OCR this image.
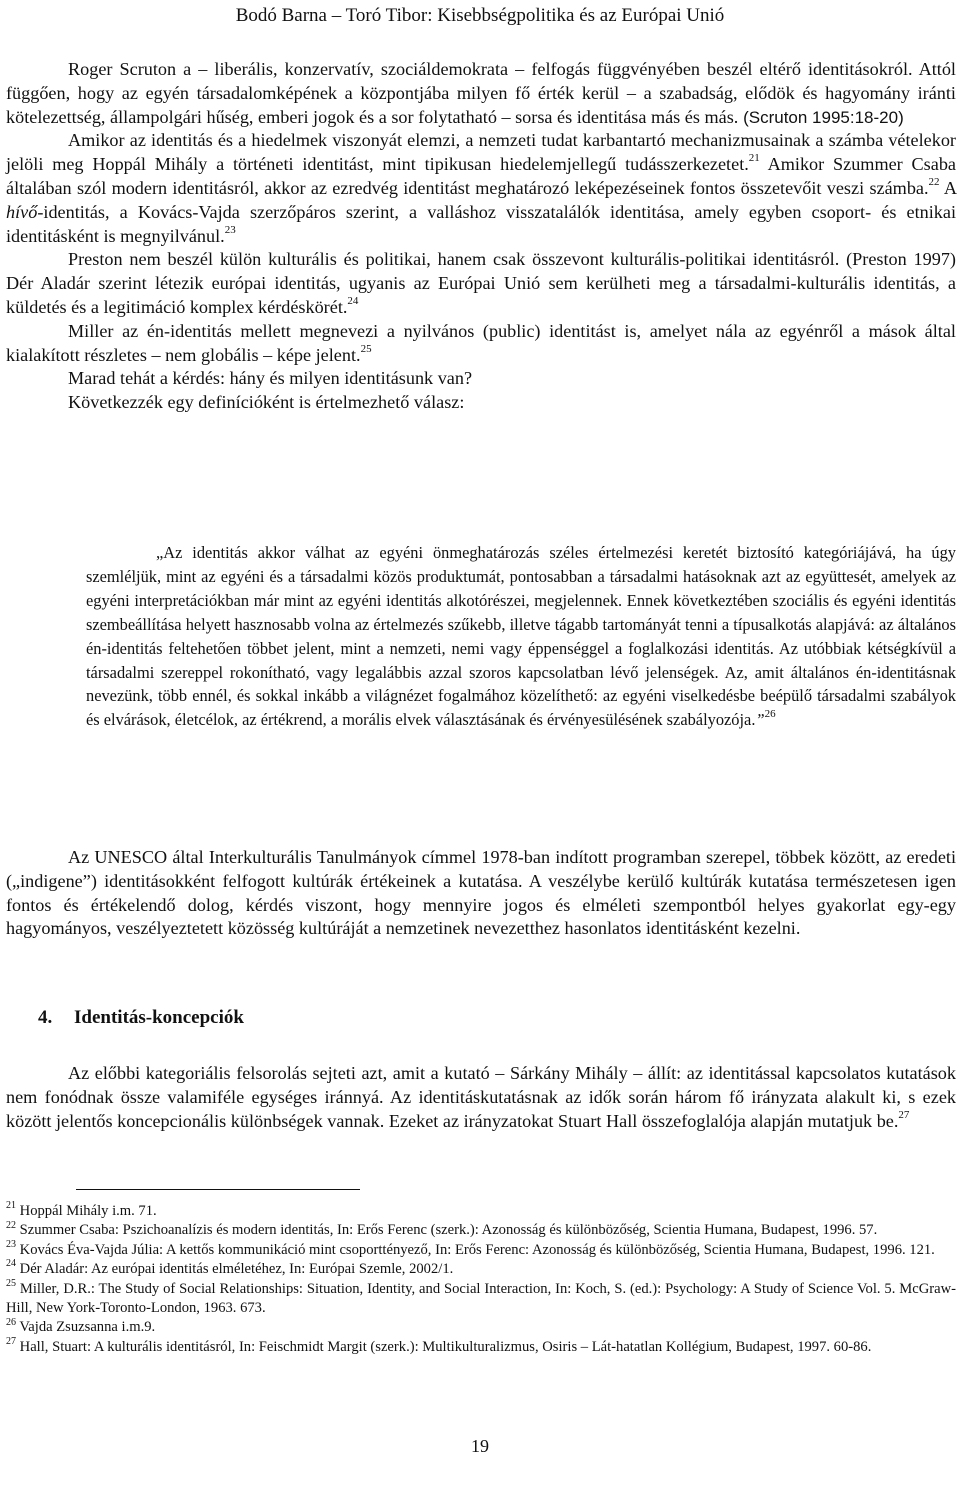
Bodó Barna – Toró Tibor: Kisebbségpolitika és az Európai Unió

Roger Scruton a – liberális, konzervatív, szociáldemokrata – felfogás függvényében beszél eltérő identitásokról. Attól függően, hogy az egyén társadalomképének a központjába milyen fő érték kerül – a szabadság, elődök és hagyomány iránti kötelezettség, állampolgári hűség, emberi jogok és a sor folytatható – sorsa és identitása más és más. (Scruton 1995:18-20)

Amikor az identitás és a hiedelmek viszonyát elemzi, a nemzeti tudat karbantartó mechanizmusainak a számba vételekor jelöli meg Hoppál Mihály a történeti identitást, mint tipikusan hiedelemjellegű tudásszerkezetet.$^{21}$ Amikor Szummer Csaba általában szól modern identitásról, akkor az ezredvég identitást meghatározó leképezéseinek fontos összetevőit veszi számba.$^{22}$ A hívő-identitás, a Kovács-Vajda szerzőpáros szerint, a valláshoz visszatalálók identitása, amely egyben csoport- és etnikai identitásként is megnyilvánul.$^{23}$

Preston nem beszél külön kulturális és politikai, hanem csak összevont kulturális-politikai identitásról. (Preston 1997) Dér Aladár szerint létezik európai identitás, ugyanis az Európai Unió sem kerülheti meg a társadalmi-kulturális identitás, a küldetés és a legitimáció komplex kérdéskörét.$^{24}$

Miller az én-identitás mellett megnevezi a nyilvános (public) identitást is, amelyet nála az egyénről a mások által kialakított részletes – nem globális – képe jelent.$^{25}$

Marad tehát a kérdés: hány és milyen identitásunk van?

Következzék egy definícióként is értelmezhető válasz:

„Az identitás akkor válhat az egyéni önmeghatározás széles értelmezési keretét biztosító kategóriájává, ha úgy szemléljük, mint az egyéni és a társadalmi közös produktumát, pontosabban a társadalmi hatásoknak azt az együttesét, amelyek az egyéni interpretációkban már mint az egyéni identitás alkotórészei, megjelennek. Ennek következtében szociális és egyéni identitás szembeállítása helyett hasznosabb volna az értelmezés szűkebb, illetve tágabb tartományát tenni a típusalkotás alapjává: az általános én-identitás feltehetően többet jelent, mint a nemzeti, nemi vagy éppenséggel a foglalkozási identitás. Az utóbbiak kétségkívül a társadalmi szereppel rokonítható, vagy legalábbis azzal szoros kapcsolatban lévő jelenségek. Az, amit általános én-identitásnak nevezünk, több ennél, és sokkal inkább a világnézet fogalmához közelíthető: az egyéni viselkedésbe beépülő társadalmi szabályok és elvárások, életcélok, az értékrend, a morális elvek választásának és érvényesülésének szabályozója.”$^{26}$

Az UNESCO által Interkulturális Tanulmányok címmel 1978-ban indított programban szerepel, többek között, az eredeti („indigene”) identitásokként felfogott kultúrák értékeinek a kutatása. A veszélybe kerülő kultúrák kutatása természetesen igen fontos és értékelendő dolog, kérdés viszont, hogy mennyire jogos és elméleti szempontból helyes gyakorlat egy-egy hagyományos, veszélyeztetett közösség kultúráját a nemzetinek nevezetthez hasonlatos identitásként kezelni.

4. Identitás-koncepciók

Az előbbi kategoriális felsorolás sejteti azt, amit a kutató – Sárkány Mihály – állít: az identitással kapcsolatos kutatások nem fonódnak össze valamiféle egységes iránnyá. Az identitáskutatásnak az idők során három fő irányzata alakult ki, s ezek között jelentős koncepcionális különbségek vannak. Ezeket az irányzatokat Stuart Hall összefoglalója alapján mutatjuk be.$^{27}$

$^{21}$ Hoppál Mihály i.m. 71.

$^{22}$ Szummer Csaba: Pszichoanalízis és modern identitás, In: Erős Ferenc (szerk.): Azonosság és különbözőség, Scientia Humana, Budapest, 1996. 57.

$^{23}$ Kovács Éva-Vajda Júlia: A kettős kommunikáció mint csoporttényező, In: Erős Ferenc: Azonosság és különbözőség, Scientia Humana, Budapest, 1996. 121.

$^{24}$ Dér Aladár: Az európai identitás elméletéhez, In: Európai Szemle, 2002/1.

$^{25}$ Miller, D.R.: The Study of Social Relationships: Situation, Identity, and Social Interaction, In: Koch, S. (ed.): Psychology: A Study of Science Vol. 5. McGraw-Hill, New York-Toronto-London, 1963. 673.

$^{26}$ Vajda Zsuzsanna i.m.9.

$^{27}$ Hall, Stuart: A kulturális identitásról, In: Feischmidt Margit (szerk.): Multikulturalizmus, Osiris – Lát-hatatlan Kollégium, Budapest, 1997. 60-86.

19
